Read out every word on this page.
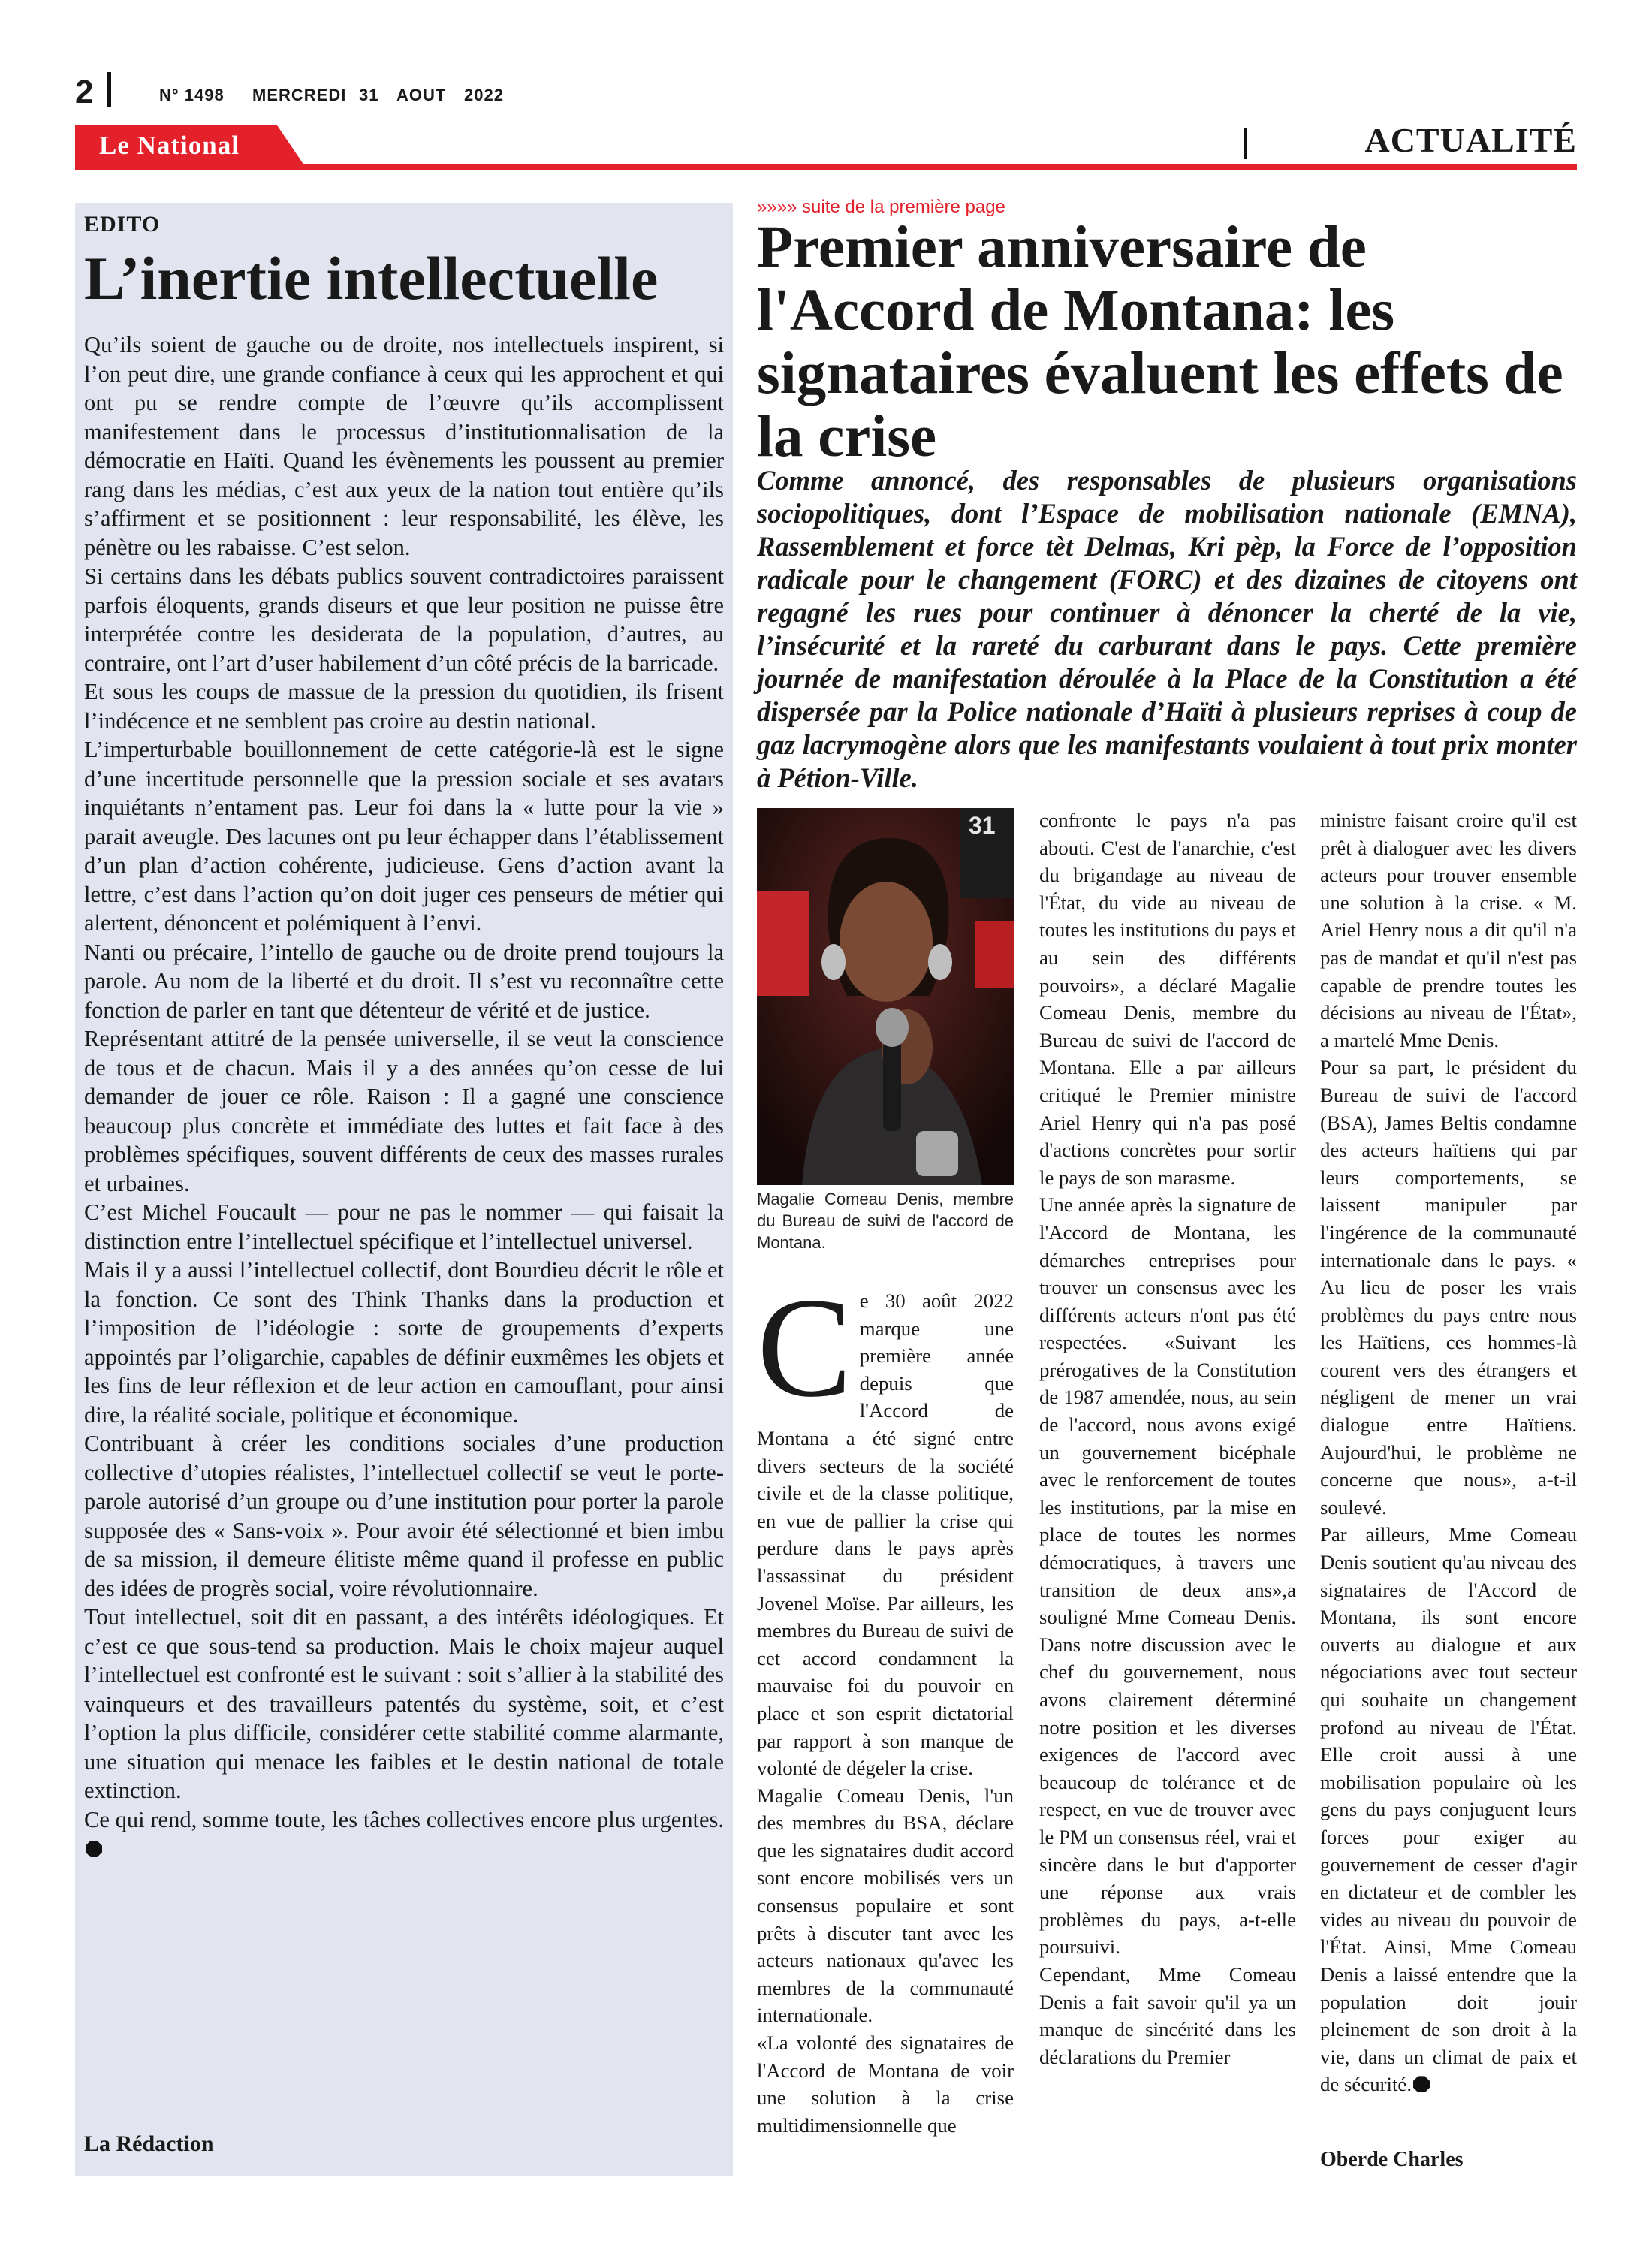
2	N° 1498 MERCREDI 31 AOUT 2022
Le National	ACTUALITÉ
EDITO
L’inertie intellectuelle

Qu’ils soient de gauche ou de droite, nos intellectuels inspirent, si l’on peut dire, une grande confiance à ceux qui les approchent et qui ont pu se rendre compte de l’œuvre qu’ils accomplissent manifestement dans le processus d’institutionnalisation de la démocratie en Haïti. Quand les évènements les poussent au premier rang dans les médias, c’est aux yeux de la nation tout entière qu’ils s’affirment et se positionnent : leur responsabilité, les élève, les pénètre ou les rabaisse. C’est selon.

Si certains dans les débats publics souvent contradictoires paraissent parfois éloquents, grands diseurs et que leur position ne puisse être interprétée contre les desiderata de la population, d’autres, au contraire, ont l’art d’user habilement d’un côté précis de la barricade.

Et sous les coups de massue de la pression du quotidien, ils frisent l’indécence et ne semblent pas croire au destin national.

L’imperturbable bouillonnement de cette catégorie-là est le signe d’une incertitude personnelle que la pression sociale et ses avatars inquiétants n’entament pas. Leur foi dans la « lutte pour la vie » parait aveugle. Des lacunes ont pu leur échapper dans l’établissement d’un plan d’action cohérente, judicieuse. Gens d’action avant la lettre, c’est dans l’action qu’on doit juger ces penseurs de métier qui alertent, dénoncent et polémiquent à l’envi.

Nanti ou précaire, l’intello de gauche ou de droite prend toujours la parole. Au nom de la liberté et du droit. Il s’est vu reconnaître cette fonction de parler en tant que détenteur de vérité et de justice.

Représentant attitré de la pensée universelle, il se veut la conscience de tous et de chacun. Mais il y a des années qu’on cesse de lui demander de jouer ce rôle. Raison : Il a gagné une conscience beaucoup plus concrète et immédiate des luttes et fait face à des problèmes spécifiques, souvent différents de ceux des masses rurales et urbaines.

C’est Michel Foucault — pour ne pas le nommer — qui faisait la distinction entre l’intellectuel spécifique et l’intellectuel universel.

Mais il y a aussi l’intellectuel collectif, dont Bourdieu décrit le rôle et la fonction. Ce sont des Think Thanks dans la production et l’imposition de l’idéologie : sorte de groupements d’experts appointés par l’oligarchie, capables de définir euxmêmes les objets et les fins de leur réflexion et de leur action en camouflant, pour ainsi dire, la réalité sociale, politique et économique.

Contribuant à créer les conditions sociales d’une production collective d’utopies réalistes, l’intellectuel collectif se veut le porte-parole autorisé d’un groupe ou d’une institution pour porter la parole supposée des « Sans-voix ». Pour avoir été sélectionné et bien imbu de sa mission, il demeure élitiste même quand il professe en public des idées de progrès social, voire révolutionnaire.

Tout intellectuel, soit dit en passant, a des intérêts idéologiques. Et c’est ce que sous-tend sa production. Mais le choix majeur auquel l’intellectuel est confronté est le suivant : soit s’allier à la stabilité des vainqueurs et des travailleurs patentés du système, soit, et c’est l’option la plus difficile, considérer cette stabilité comme alarmante, une situation qui menace les faibles et le destin national de totale extinction.

Ce qui rend, somme toute, les tâches collectives encore plus urgentes.

La Rédaction
»»»» suite de la première page
Premier anniversaire de l'Accord de Montana: les signataires évaluent les effets de la crise
Comme annoncé, des responsables de plusieurs organisations sociopolitiques, dont l’Espace de mobilisation nationale (EMNA), Rassemblement et force tèt Delmas, Kri pèp, la Force de l’opposition radicale pour le changement (FORC) et des dizaines de citoyens ont regagné les rues pour continuer à dénoncer la cherté de la vie, l’insécurité et la rareté du carburant dans le pays. Cette première journée de manifestation déroulée à la Place de la Constitution a été dispersée par la Police nationale d’Haïti à plusieurs reprises à coup de gaz lacrymogène alors que les manifestants voulaient à tout prix monter à Pétion-Ville.
31
Magalie Comeau Denis, membre du Bureau de suivi de l'accord de Montana.
C e 30 août 2022 marque une première année depuis que l'Accord de Montana a été signé entre divers secteurs de la société civile et de la classe politique, en vue de pallier la crise qui perdure dans le pays après l'assassinat du président Jovenel Moïse. Par ailleurs, les membres du Bureau de suivi de cet accord condamnent la mauvaise foi du pouvoir en place et son esprit dictatorial par rapport à son manque de volonté de dégeler la crise.

Magalie Comeau Denis, l'un des membres du BSA, déclare que les signataires dudit accord sont encore mobilisés vers un consensus populaire et sont prêts à discuter tant avec les acteurs nationaux qu'avec les membres de la communauté internationale.

«La volonté des signataires de l'Accord de Montana de voir une solution à la crise multidimensionnelle que

confronte le pays n'a pas abouti. C'est de l'anarchie, c'est du brigandage au niveau de l'État, du vide au niveau de toutes les institutions du pays et au sein des différents pouvoirs», a déclaré Magalie Comeau Denis, membre du Bureau de suivi de l'accord de Montana. Elle a par ailleurs critiqué le Premier ministre Ariel Henry qui n'a pas posé d'actions concrètes pour sortir le pays de son marasme.

Une année après la signature de l'Accord de Montana, les démarches entreprises pour trouver un consensus avec les différents acteurs n'ont pas été respectées. «Suivant les prérogatives de la Constitution de 1987 amendée, nous, au sein de l'accord, nous avons exigé un gouvernement bicéphale avec le renforcement de toutes les institutions, par la mise en place de toutes les normes démocratiques, à travers une transition de deux ans»,a souligné Mme Comeau Denis. Dans notre discussion avec le chef du gouvernement, nous avons clairement déterminé notre position et les diverses exigences de l'accord avec beaucoup de tolérance et de respect, en vue de trouver avec le PM un consensus réel, vrai et sincère dans le but d'apporter une réponse aux vrais problèmes du pays, a-t-elle poursuivi.

Cependant, Mme Comeau Denis a fait savoir qu'il ya un manque de sincérité dans les déclarations du Premier

ministre faisant croire qu'il est prêt à dialoguer avec les divers acteurs pour trouver ensemble une solution à la crise. « M. Ariel Henry nous a dit qu'il n'a pas de mandat et qu'il n'est pas capable de prendre toutes les décisions au niveau de l'État», a martelé Mme Denis.

Pour sa part, le président du Bureau de suivi de l'accord (BSA), James Beltis condamne des acteurs haïtiens qui par leurs comportements, se laissent manipuler par l'ingérence de la communauté internationale dans le pays. « Au lieu de poser les vrais problèmes du pays entre nous les Haïtiens, ces hommes-là courent vers des étrangers et négligent de mener un vrai dialogue entre Haïtiens. Aujourd'hui, le problème ne concerne que nous», a-t-il soulevé.

Par ailleurs, Mme Comeau Denis soutient qu'au niveau des signataires de l'Accord de Montana, ils sont encore ouverts au dialogue et aux négociations avec tout secteur qui souhaite un changement profond au niveau de l'État. Elle croit aussi à une mobilisation populaire où les gens du pays conjuguent leurs forces pour exiger au gouvernement de cesser d'agir en dictateur et de combler les vides au niveau du pouvoir de l'État. Ainsi, Mme Comeau Denis a laissé entendre que la population doit jouir pleinement de son droit à la vie, dans un climat de paix et de sécurité.

Oberde Charles
